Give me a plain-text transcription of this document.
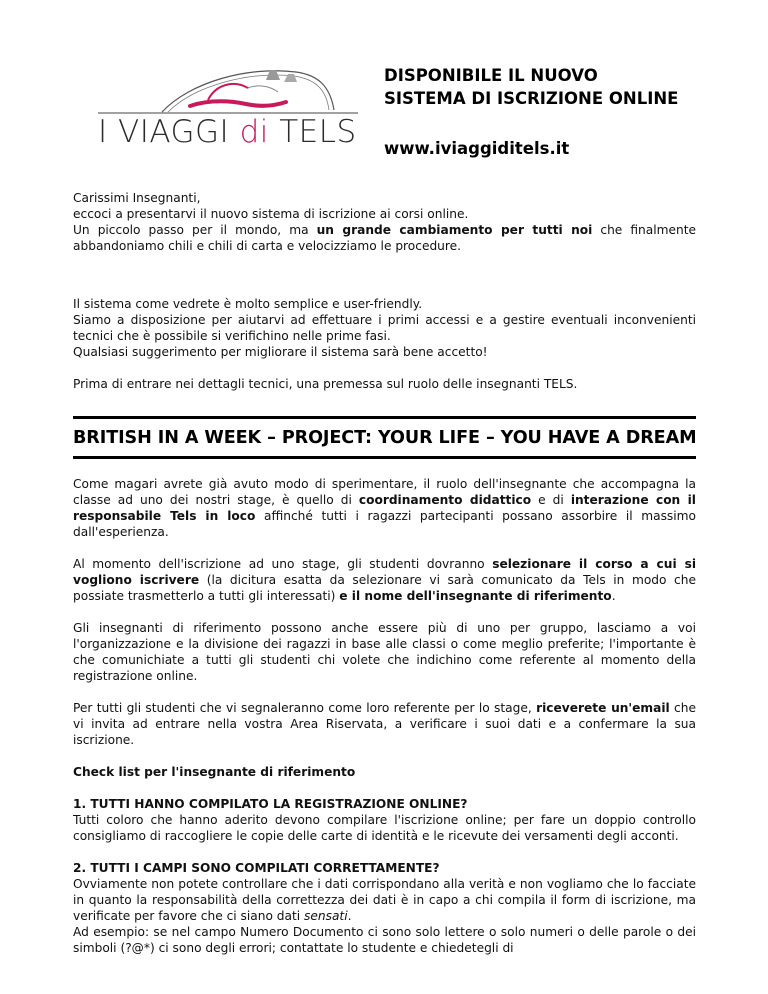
I VIAGGI di TELS
DISPONIBILE IL NUOVO
SISTEMA DI ISCRIZIONE ONLINE
www.iviaggiditels.it

Carissimi Insegnanti,

eccoci a presentarvi il nuovo sistema di iscrizione ai corsi online.

Un piccolo passo per il mondo, ma un grande cambiamento per tutti noi che finalmente abbandoniamo chili e chili di carta e velocizziamo le procedure.

Il sistema come vedrete è molto semplice e user-friendly.

Siamo a disposizione per aiutarvi ad effettuare i primi accessi e a gestire eventuali inconvenienti tecnici che è possibile si verifichino nelle prime fasi.

Qualsiasi suggerimento per migliorare il sistema sarà bene accetto!

Prima di entrare nei dettagli tecnici, una premessa sul ruolo delle insegnanti TELS.

BRITISH IN A WEEK – PROJECT: YOUR LIFE – YOU HAVE A DREAM

Come magari avrete già avuto modo di sperimentare, il ruolo dell'insegnante che accompagna la classe ad uno dei nostri stage, è quello di coordinamento didattico e di interazione con il responsabile Tels in loco affinché tutti i ragazzi partecipanti possano assorbire il massimo dall'esperienza.

Al momento dell'iscrizione ad uno stage, gli studenti dovranno selezionare il corso a cui si vogliono iscrivere (la dicitura esatta da selezionare vi sarà comunicato da Tels in modo che possiate trasmetterlo a tutti gli interessati) e il nome dell'insegnante di riferimento.

Gli insegnanti di riferimento possono anche essere più di uno per gruppo, lasciamo a voi l'organizzazione e la divisione dei ragazzi in base alle classi o come meglio preferite; l'importante è che comunichiate a tutti gli studenti chi volete che indichino come referente al momento della registrazione online.

Per tutti gli studenti che vi segnaleranno come loro referente per lo stage, riceverete un'email che vi invita ad entrare nella vostra Area Riservata, a verificare i suoi dati e a confermare la sua iscrizione.

Check list per l'insegnante di riferimento

1. TUTTI HANNO COMPILATO LA REGISTRAZIONE ONLINE?

Tutti coloro che hanno aderito devono compilare l'iscrizione online; per fare un doppio controllo consigliamo di raccogliere le copie delle carte di identità e le ricevute dei versamenti degli acconti.

2. TUTTI I CAMPI SONO COMPILATI CORRETTAMENTE?

Ovviamente non potete controllare che i dati corrispondano alla verità e non vogliamo che lo facciate in quanto la responsabilità della correttezza dei dati è in capo a chi compila il form di iscrizione, ma verificate per favore che ci siano dati sensati.

Ad esempio: se nel campo Numero Documento ci sono solo lettere o solo numeri o delle parole o dei simboli (?@*) ci sono degli errori; contattate lo studente e chiedetegli di
